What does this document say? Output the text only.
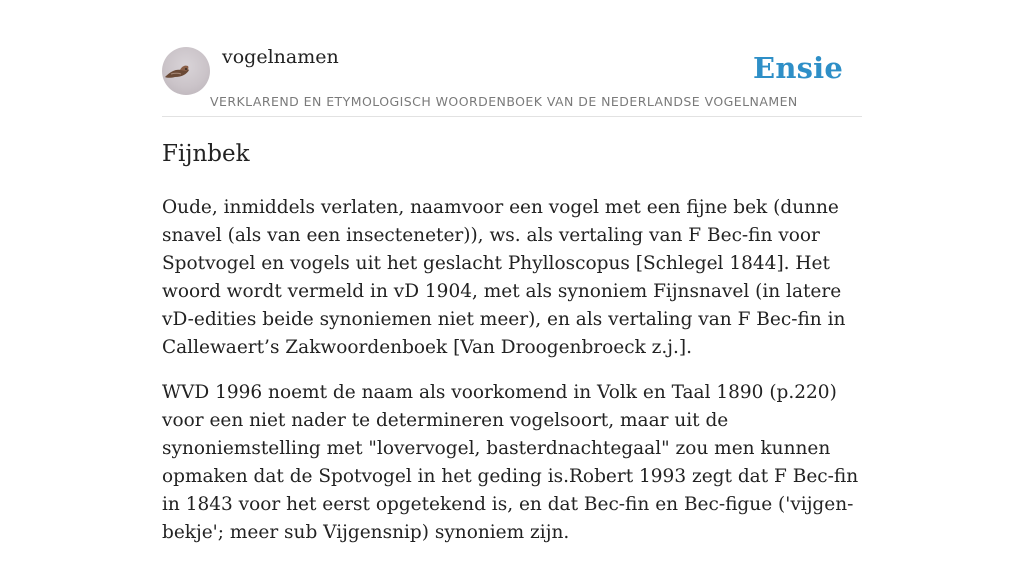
vogelnamen	Ensie
VERKLAREND EN ETYMOLOGISCH WOORDENBOEK VAN DE NEDERLANDSE VOGELNAMEN
Fijnbek

Oude, inmiddels verlaten, naamvoor een vogel met een fijne bek (dunne snavel (als van een insecteneter)), ws. als vertaling van F Bec-fin voor Spotvogel en vogels uit het geslacht Phylloscopus [Schlegel 1844]. Het woord wordt vermeld in vD 1904, met als synoniem Fijnsnavel (in latere vD-edities beide synoniemen niet meer), en als vertaling van F Bec-fin in Callewaert’s Zakwoordenboek [Van Droogenbroeck z.j.].

WVD 1996 noemt de naam als voorkomend in Volk en Taal 1890 (p.220) voor een niet nader te determineren vogelsoort, maar uit de synoniemstelling met "lovervogel, basterdnachtegaal" zou men kunnen opmaken dat de Spotvogel in het geding is.Robert 1993 zegt dat F Bec-fin in 1843 voor het eerst opgetekend is, en dat Bec-fin en Bec-figue ('vijgen-bekje'; meer sub Vijgensnip) synoniem zijn.
